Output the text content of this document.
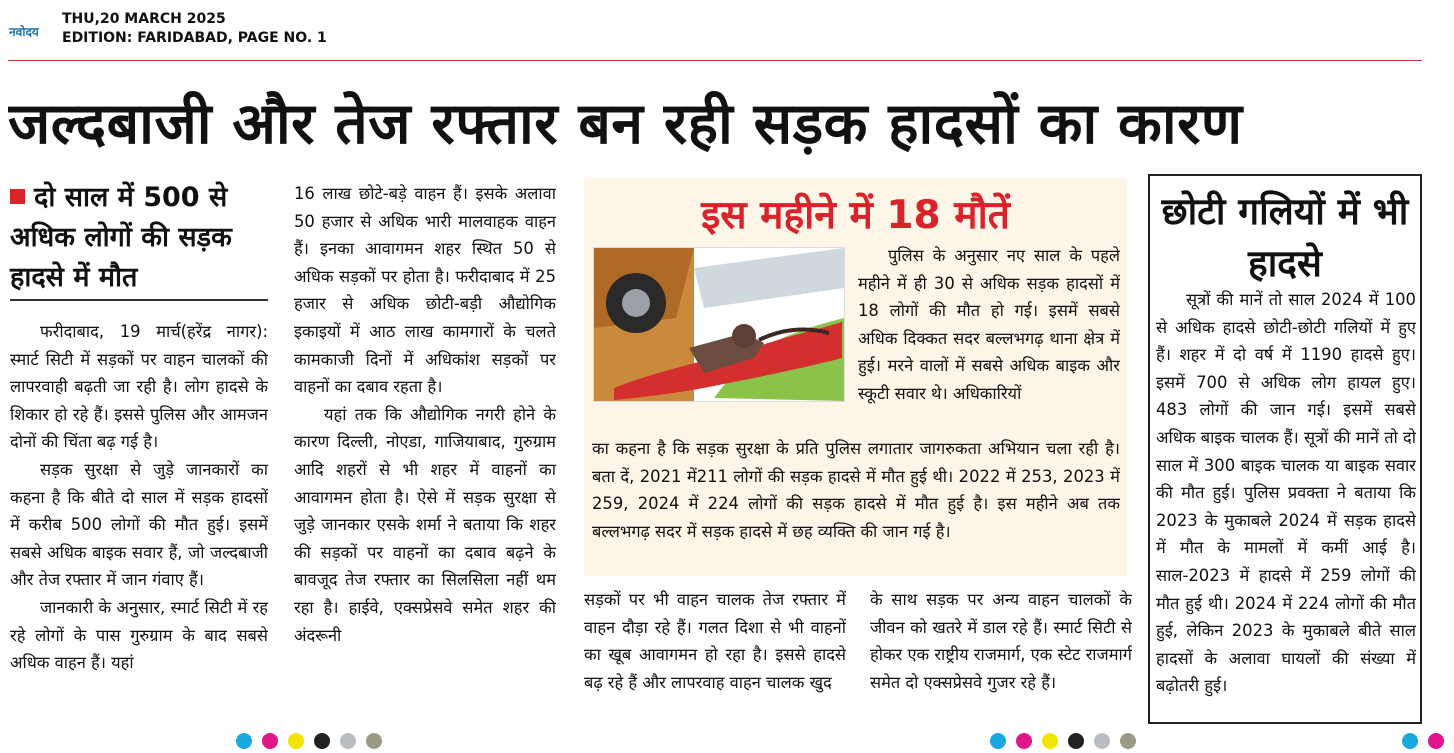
नवोदय
THU,20 MARCH 2025
EDITION: FARIDABAD, PAGE NO. 1
जल्दबाजी और तेज रफ्तार बन रही सड़क हादसों का कारण
दो साल में 500 से अधिक लोगों की सड़क हादसे में मौत

फरीदाबाद, 19 मार्च(हरेंद्र नागर): स्मार्ट सिटी में सड़कों पर वाहन चालकों की लापरवाही बढ़ती जा रही है। लोग हादसे के शिकार हो रहे हैं। इससे पुलिस और आमजन दोनों की चिंता बढ़ गई है।

सड़क सुरक्षा से जुड़े जानकारों का कहना है कि बीते दो साल में सड़क हादसों में करीब 500 लोगों की मौत हुई। इसमें सबसे अधिक बाइक सवार हैं, जो जल्दबाजी और तेज रफ्तार में जान गंवाए हैं।

जानकारी के अनुसार, स्मार्ट सिटी में रह रहे लोगों के पास गुरुग्राम के बाद सबसे अधिक वाहन हैं। यहां

16 लाख छोटे-बड़े वाहन हैं। इसके अलावा 50 हजार से अधिक भारी मालवाहक वाहन हैं। इनका आवागमन शहर स्थित 50 से अधिक सड़कों पर होता है। फरीदाबाद में 25 हजार से अधिक छोटी-बड़ी औद्योगिक इकाइयों में आठ लाख कामगारों के चलते कामकाजी दिनों में अधिकांश सड़कों पर वाहनों का दबाव रहता है।

यहां तक कि औद्योगिक नगरी होने के कारण दिल्ली, नोएडा, गाजियाबाद, गुरुग्राम आदि शहरों से भी शहर में वाहनों का आवागमन होता है। ऐसे में सड़क सुरक्षा से जुड़े जानकार एसके शर्मा ने बताया कि शहर की सड़कों पर वाहनों का दबाव बढ़ने के बावजूद तेज रफ्तार का सिलसिला नहीं थम रहा है। हाईवे, एक्सप्रेसवे समेत शहर की अंदरूनी

इस महीने में 18 मौतें

पुलिस के अनुसार नए साल के पहले महीने में ही 30 से अधिक सड़क हादसों में 18 लोगों की मौत हो गई। इसमें सबसे अधिक दिक्कत सदर बल्लभगढ़ थाना क्षेत्र में हुई। मरने वालों में सबसे अधिक बाइक और स्कूटी सवार थे। अधिकारियों

का कहना है कि सड़क सुरक्षा के प्रति पुलिस लगातार जागरुकता अभियान चला रही है। बता दें, 2021 में211 लोगों की सड़क हादसे में मौत हुई थी। 2022 में 253, 2023 में 259, 2024 में 224 लोगों की सड़क हादसे में मौत हुई है। इस महीने अब तक बल्लभगढ़ सदर में सड़क हादसे में छह व्यक्ति की जान गई है।

सड़कों पर भी वाहन चालक तेज रफ्तार में वाहन दौड़ा रहे हैं। गलत दिशा से भी वाहनों का खूब आवागमन हो रहा है। इससे हादसे बढ़ रहे हैं और लापरवाह वाहन चालक खुद

के साथ सड़क पर अन्य वाहन चालकों के जीवन को खतरे में डाल रहे हैं। स्मार्ट सिटी से होकर एक राष्ट्रीय राजमार्ग, एक स्टेट राजमार्ग समेत दो एक्सप्रेसवे गुजर रहे हैं।

छोटी गलियों में भी हादसे

सूत्रों की मानें तो साल 2024 में 100 से अधिक हादसे छोटी-छोटी गलियों में हुए हैं। शहर में दो वर्ष में 1190 हादसे हुए। इसमें 700 से अधिक लोग हायल हुए। 483 लोगों की जान गई। इसमें सबसे अधिक बाइक चालक हैं। सूत्रों की मानें तो दो साल में 300 बाइक चालक या बाइक सवार की मौत हुई। पुलिस प्रवक्ता ने बताया कि 2023 के मुकाबले 2024 में सड़क हादसे में मौत के मामलों में कमीं आई है। साल-2023 में हादसे में 259 लोगों की मौत हुई थी। 2024 में 224 लोगों की मौत हुई, लेकिन 2023 के मुकाबले बीते साल हादसों के अलावा घायलों की संख्या में बढ़ोतरी हुई।
